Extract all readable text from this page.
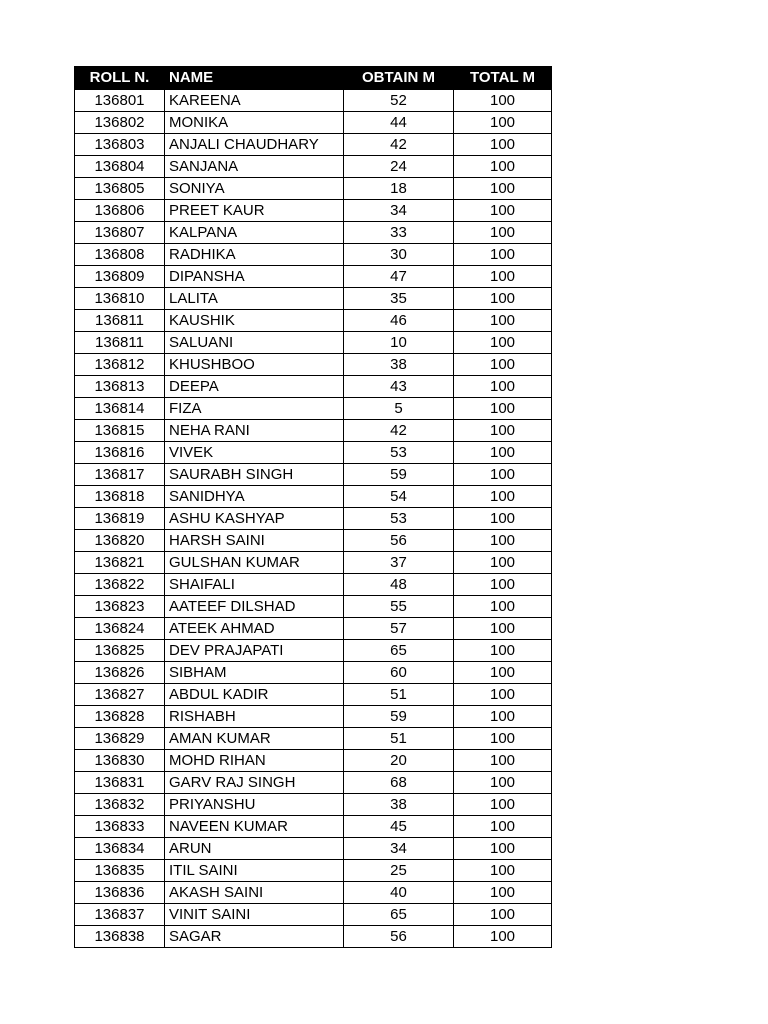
ROLL N.	NAME	OBTAIN M	TOTAL M
136801	KAREENA	52	100
136802	MONIKA	44	100
136803	ANJALI CHAUDHARY	42	100
136804	SANJANA	24	100
136805	SONIYA	18	100
136806	PREET KAUR	34	100
136807	KALPANA	33	100
136808	RADHIKA	30	100
136809	DIPANSHA	47	100
136810	LALITA	35	100
136811	KAUSHIK	46	100
136811	SALUANI	10	100
136812	KHUSHBOO	38	100
136813	DEEPA	43	100
136814	FIZA	5	100
136815	NEHA RANI	42	100
136816	VIVEK	53	100
136817	SAURABH SINGH	59	100
136818	SANIDHYA	54	100
136819	ASHU KASHYAP	53	100
136820	HARSH SAINI	56	100
136821	GULSHAN KUMAR	37	100
136822	SHAIFALI	48	100
136823	AATEEF DILSHAD	55	100
136824	ATEEK AHMAD	57	100
136825	DEV PRAJAPATI	65	100
136826	SIBHAM	60	100
136827	ABDUL KADIR	51	100
136828	RISHABH	59	100
136829	AMAN KUMAR	51	100
136830	MOHD RIHAN	20	100
136831	GARV RAJ SINGH	68	100
136832	PRIYANSHU	38	100
136833	NAVEEN KUMAR	45	100
136834	ARUN	34	100
136835	ITIL SAINI	25	100
136836	AKASH SAINI	40	100
136837	VINIT SAINI	65	100
136838	SAGAR	56	100
